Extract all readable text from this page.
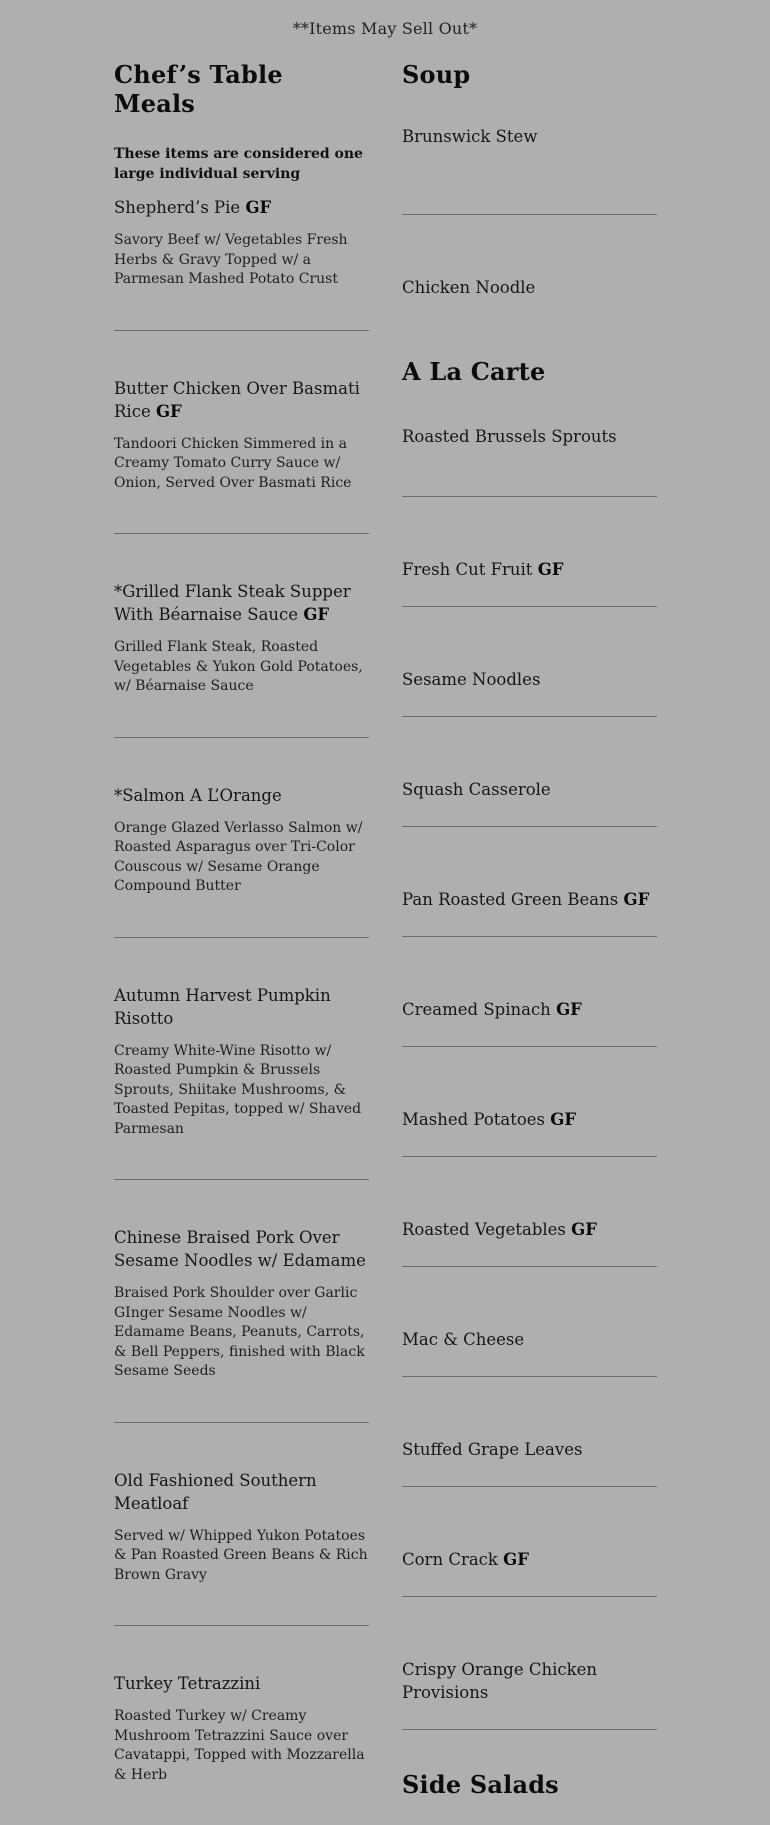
**Items May Sell Out*
Chef’s Table Meals
These items are considered one large individual serving
Shepherd’s Pie GF
Savory Beef w/ Vegetables Fresh Herbs & Gravy Topped w/ a Parmesan Mashed Potato Crust
Butter Chicken Over Basmati Rice GF
Tandoori Chicken Simmered in a Creamy Tomato Curry Sauce w/ Onion, Served Over Basmati Rice
*Grilled Flank Steak Supper With Béarnaise Sauce GF
Grilled Flank Steak, Roasted Vegetables & Yukon Gold Potatoes, w/ Béarnaise Sauce
*Salmon A L’Orange
Orange Glazed Verlasso Salmon w/ Roasted Asparagus over Tri-Color Couscous w/ Sesame Orange Compound Butter
Autumn Harvest Pumpkin Risotto
Creamy White-Wine Risotto w/ Roasted Pumpkin & Brussels Sprouts, Shiitake Mushrooms, & Toasted Pepitas, topped w/ Shaved Parmesan
Chinese Braised Pork Over Sesame Noodles w/ Edamame
Braised Pork Shoulder over Garlic GInger Sesame Noodles w/ Edamame Beans, Peanuts, Carrots, & Bell Peppers, finished with Black Sesame Seeds
Old Fashioned Southern Meatloaf
Served w/ Whipped Yukon Potatoes & Pan Roasted Green Beans & Rich Brown Gravy
Turkey Tetrazzini
Roasted Turkey w/ Creamy Mushroom Tetrazzini Sauce over Cavatappi, Topped with Mozzarella & Herb
Soup
Brunswick Stew
Chicken Noodle
A La Carte
Roasted Brussels Sprouts
Fresh Cut Fruit GF
Sesame Noodles
Squash Casserole
Pan Roasted Green Beans GF
Creamed Spinach GF
Mashed Potatoes GF
Roasted Vegetables GF
Mac & Cheese
Stuffed Grape Leaves
Corn Crack GF
Crispy Orange Chicken Provisions
Side Salads
